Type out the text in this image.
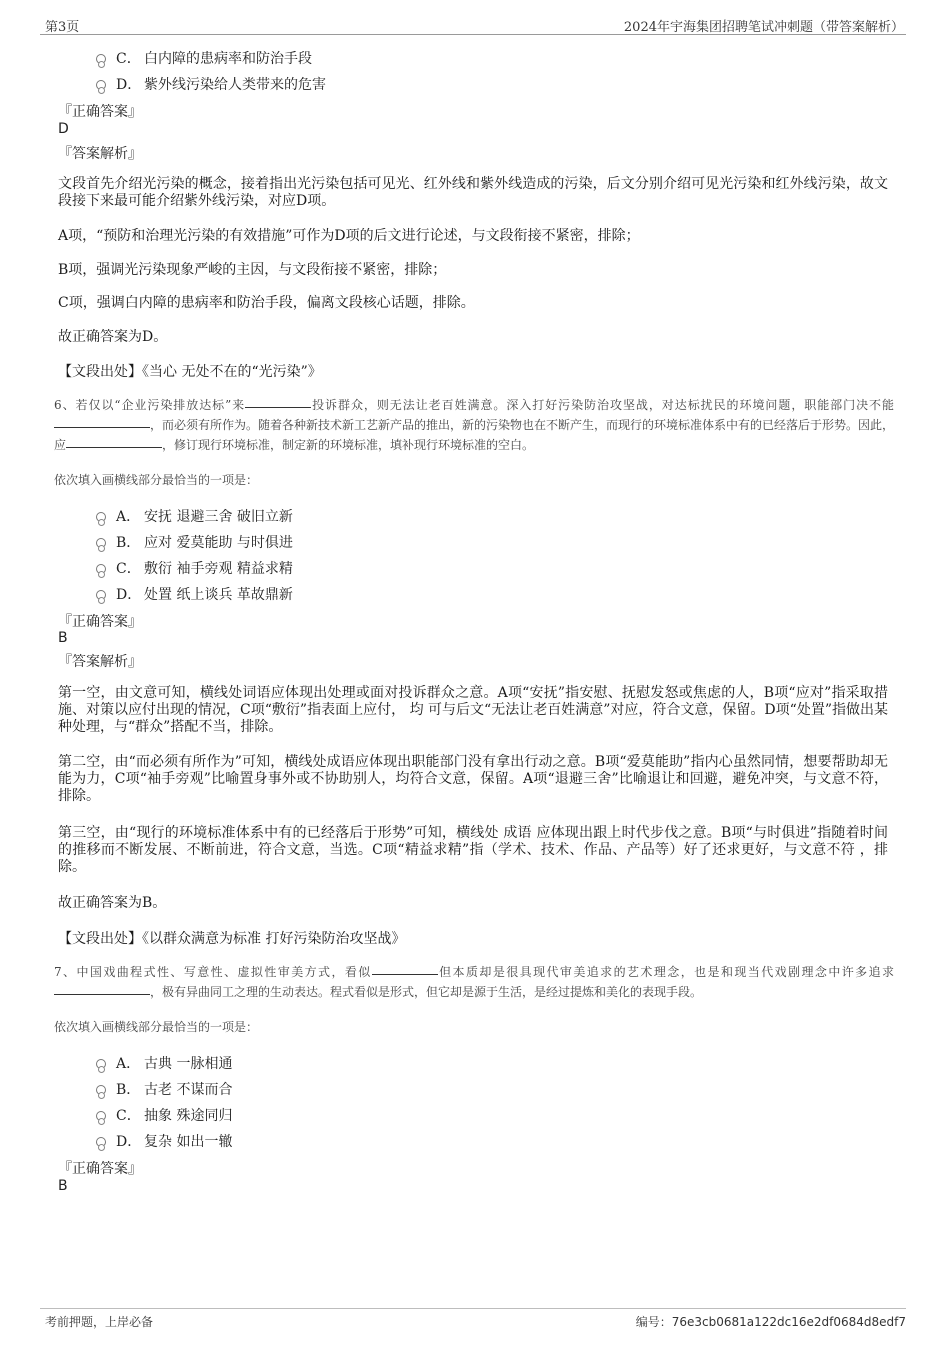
第3页	2024年宇海集团招聘笔试冲刺题（带答案解析）
C． 白内障的患病率和防治手段
D． 紫外线污染给人类带来的危害
『正确答案』
D
『答案解析』
文段首先介绍光污染的概念，接着指出光污染包括可见光、红外线和紫外线造成的污染，后文分别介绍可见光污染和红外线污染，故文段接下来最可能介绍紫外线污染，对应D项。
A项，“预防和治理光污染的有效措施”可作为D项的后文进行论述，与文段衔接不紧密，排除；
B项，强调光污染现象严峻的主因，与文段衔接不紧密，排除；
C项，强调白内障的患病率和防治手段，偏离文段核心话题，排除。
故正确答案为D。
【文段出处】《当心 无处不在的“光污染”》
6、若仅以“企业污染排放达标”来	投诉群众，则无法让老百姓满意。深入打好污染防治攻坚战，对达标扰民的环境问题，职能部门决不能，而必须有所作为。随着各种新技术新工艺新产品的推出，新的污染物也在不断产生，而现行的环境标准体系中有的已经落后于形势。因此，应	，修订现行环境标准，制定新的环境标准，填补现行环境标准的空白。
依次填入画横线部分最恰当的一项是：
A． 安抚 退避三舍 破旧立新
B． 应对 爱莫能助 与时俱进
C． 敷衍 袖手旁观 精益求精
D． 处置 纸上谈兵 革故鼎新
『正确答案』
B
『答案解析』
第一空，由文意可知，横线处词语应体现出处理或面对投诉群众之意。A项“安抚”指安慰、抚慰发怒或焦虑的人，B项“应对”指采取措施、对策以应付出现的情况，C项“敷衍”指表面上应付， 均 可与后文“无法让老百姓满意”对应，符合文意，保留。D项“处置”指做出某种处理，与“群众”搭配不当，排除。
第二空，由“而必须有所作为”可知，横线处成语应体现出职能部门没有拿出行动之意。B项“爱莫能助”指内心虽然同情，想要帮助却无能为力，C项“袖手旁观”比喻置身事外或不协助别人，均符合文意，保留。A项“退避三舍”比喻退让和回避，避免冲突，与文意不符，排除。
第三空，由“现行的环境标准体系中有的已经落后于形势”可知，横线处 成语 应体现出跟上时代步伐之意。B项“与时俱进”指随着时间的推移而不断发展、不断前进，符合文意，当选。C项“精益求精”指（学术、技术、作品、产品等）好了还求更好，与文意不符 ，排除。
故正确答案为B。
【文段出处】《以群众满意为标准 打好污染防治攻坚战》
7、中国戏曲程式性、写意性、虚拟性审美方式，看似	但本质却是很具现代审美追求的艺术理念，也是和现当代戏剧理念中许多追求，极有异曲同工之理的生动表达。程式看似是形式，但它却是源于生活，是经过提炼和美化的表现手段。
依次填入画横线部分最恰当的一项是：
A． 古典 一脉相通
B． 古老 不谋而合
C． 抽象 殊途同归
D． 复杂 如出一辙
『正确答案』
B
考前押题，上岸必备	编号：76e3cb0681a122dc16e2df0684d8edf7
